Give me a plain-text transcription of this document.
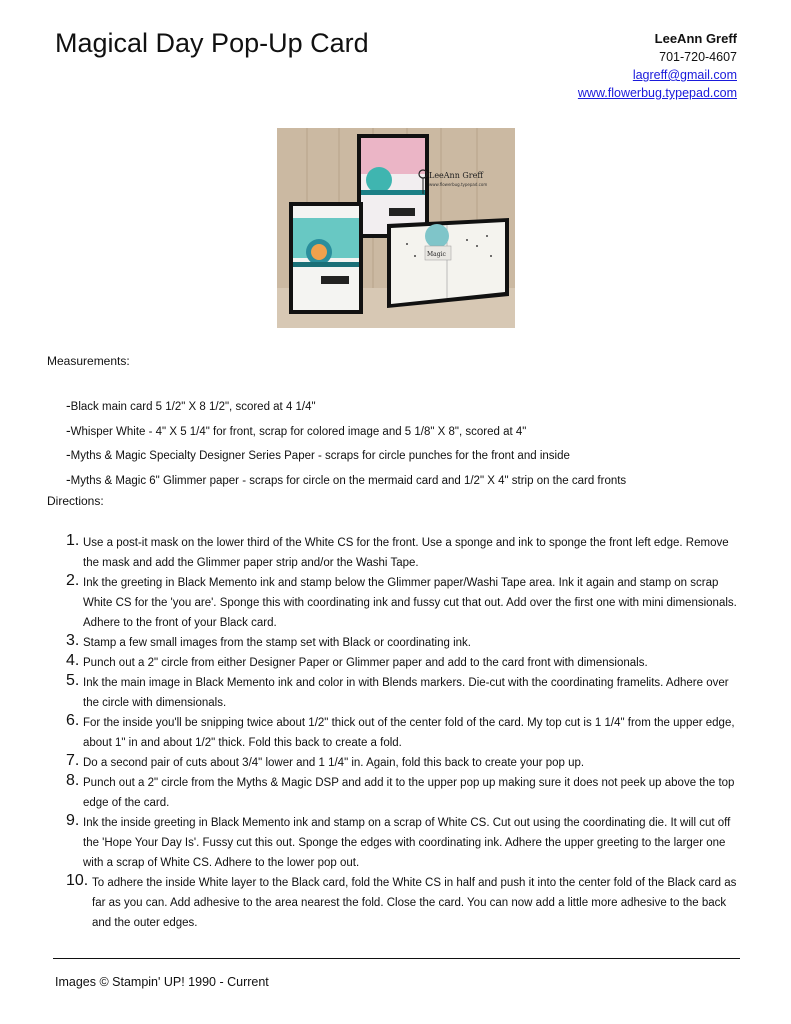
Magical Day Pop-Up Card	LeeAnn Greff
701-720-4607
lagreff@gmail.com
www.flowerbug.typepad.com
LeeAnn Greff
www.flowerbug.typepad.com
Magic
Measurements:
- Black main card 5 1/2" X 8 1/2", scored at 4 1/4"
- Whisper White - 4" X 5 1/4" for front, scrap for colored image and 5 1/8" X 8", scored at 4"
- Myths & Magic Specialty Designer Series Paper - scraps for circle punches for the front and inside
- Myths & Magic 6" Glimmer paper - scraps for circle on the mermaid card and 1/2" X 4" strip on the card fronts
Directions:
1. Use a post-it mask on the lower third of the White CS for the front. Use a sponge and ink to sponge the front left edge. Remove the mask and add the Glimmer paper strip and/or the Washi Tape.
2. Ink the greeting in Black Memento ink and stamp below the Glimmer paper/Washi Tape area. Ink it again and stamp on scrap White CS for the 'you are'. Sponge this with coordinating ink and fussy cut that out. Add over the first one with mini dimensionals. Adhere to the front of your Black card.
3. Stamp a few small images from the stamp set with Black or coordinating ink.
4. Punch out a 2" circle from either Designer Paper or Glimmer paper and add to the card front with dimensionals.
5. Ink the main image in Black Memento ink and color in with Blends markers. Die-cut with the coordinating framelits. Adhere over the circle with dimensionals.
6. For the inside you'll be snipping twice about 1/2" thick out of the center fold of the card. My top cut is 1 1/4" from the upper edge, about 1" in and about 1/2" thick. Fold this back to create a fold.
7. Do a second pair of cuts about 3/4" lower and 1 1/4" in. Again, fold this back to create your pop up.
8. Punch out a 2" circle from the Myths & Magic DSP and add it to the upper pop up making sure it does not peek up above the top edge of the card.
9. Ink the inside greeting in Black Memento ink and stamp on a scrap of White CS. Cut out using the coordinating die. It will cut off the 'Hope Your Day Is'. Fussy cut this out. Sponge the edges with coordinating ink. Adhere the upper greeting to the larger one with a scrap of White CS. Adhere to the lower pop out.
10. To adhere the inside White layer to the Black card, fold the White CS in half and push it into the center fold of the Black card as far as you can. Add adhesive to the area nearest the fold. Close the card. You can now add a little more adhesive to the back and the outer edges.
Images © Stampin' UP! 1990 - Current
